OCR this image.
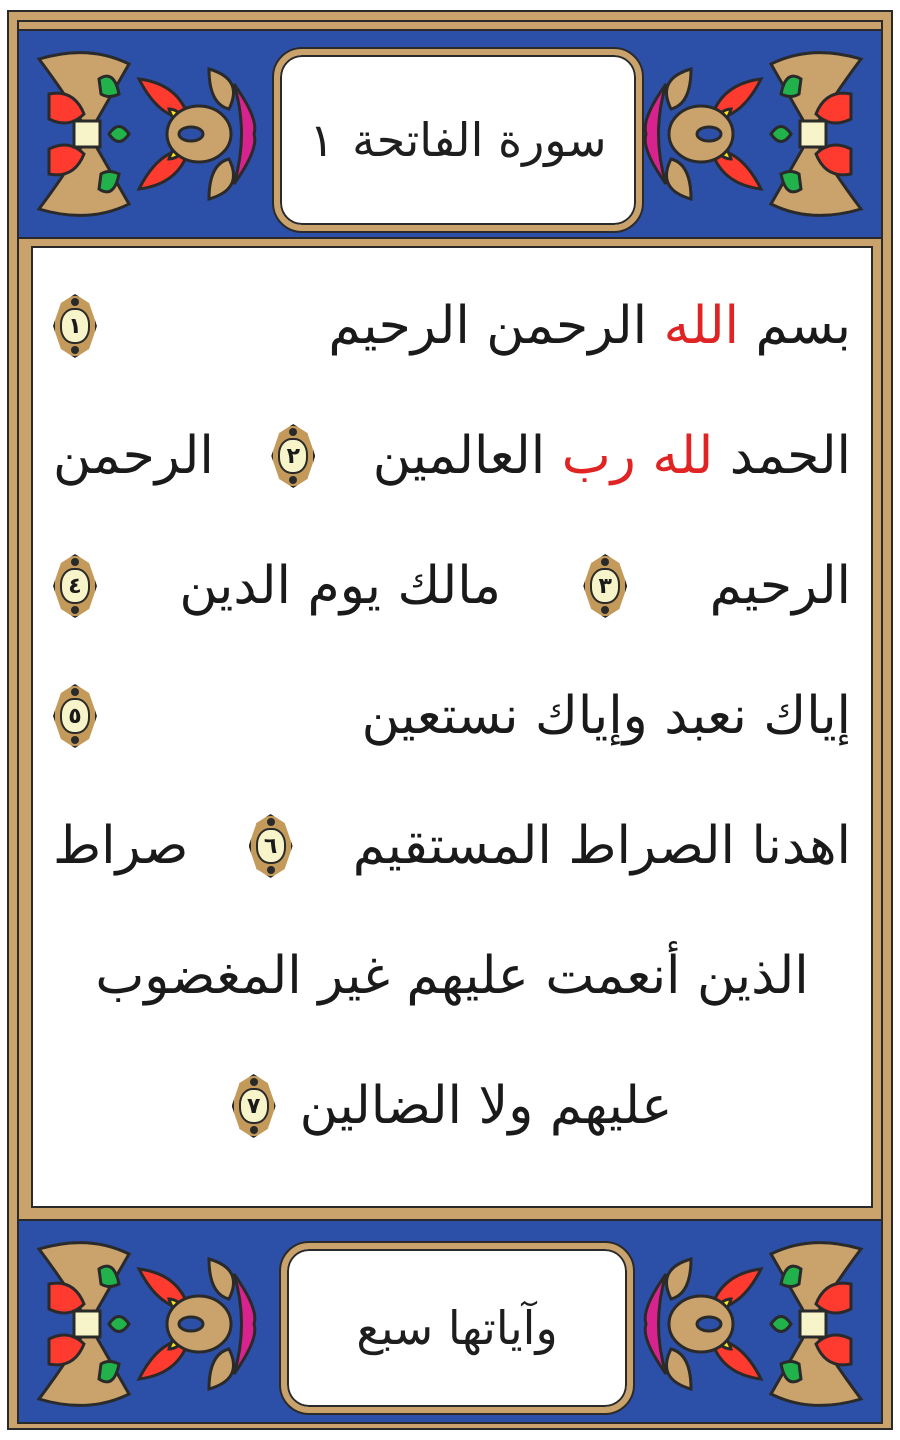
سورة الفاتحة١
بسم الله الرحمن الرحيم
١
الحمد لله رب العالمين
٢
الرحمن
الرحيم
٣
مالك يوم الدين
٤
إياك نعبد وإياك نستعين
٥
اهدنا الصراط المستقيم
٦
صراط
الذين أنعمت عليهم غير المغضوب
عليهم ولا الضالين
٧
وآياتها سبع
